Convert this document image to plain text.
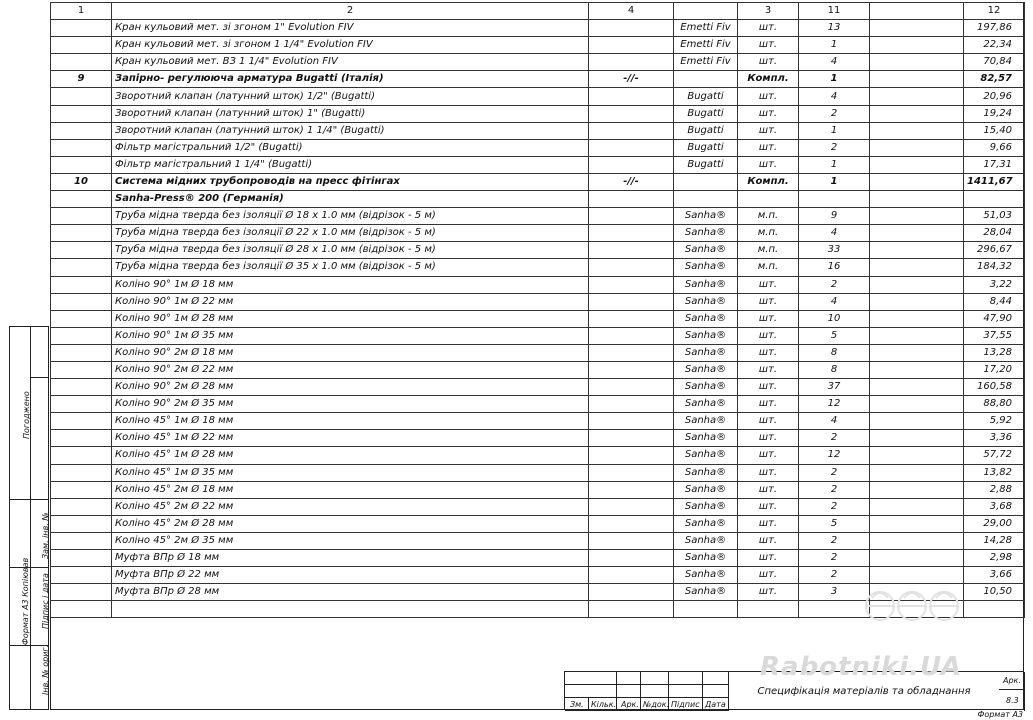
1	2	4		3	11		12
	Кран кульовий мет. зі згоном 1" Evolution FIV		Emetti Fiv	шт.	13		197,86
	Кран кульовий мет. зі згоном 1 1/4" Evolution FIV		Emetti Fiv	шт.	1		22,34
	Кран кульовий мет. ВЗ 1 1/4" Evolution FIV		Emetti Fiv	шт.	4		70,84
9	Запірно- регулююча арматура Bugatti (Італія)	-//-		Компл.	1		82,57
	Зворотний клапан (латунний шток) 1/2" (Bugatti)		Bugatti	шт.	4		20,96
	Зворотний клапан (латунний шток) 1" (Bugatti)		Bugatti	шт.	2		19,24
	Зворотний клапан (латунний шток) 1 1/4" (Bugatti)		Bugatti	шт.	1		15,40
	Фільтр магістральний 1/2" (Bugatti)		Bugatti	шт.	2		9,66
	Фільтр магістральний 1 1/4" (Bugatti)		Bugatti	шт.	1		17,31
10	Система мідних трубопроводів на пресс фітінгах	-//-		Компл.	1		1411,67
	Sanha-Press® 200 (Германія)						
	Труба мідна тверда без ізоляції Ø 18 x 1.0 мм (відрізок - 5 м)		Sanha®	м.п.	9		51,03
	Труба мідна тверда без ізоляції Ø 22 x 1.0 мм (відрізок - 5 м)		Sanha®	м.п.	4		28,04
	Труба мідна тверда без ізоляції Ø 28 x 1.0 мм (відрізок - 5 м)		Sanha®	м.п.	33		296,67
	Труба мідна тверда без ізоляції Ø 35 x 1.0 мм (відрізок - 5 м)		Sanha®	м.п.	16		184,32
	Коліно 90° 1м Ø 18 мм		Sanha®	шт.	2		3,22
	Коліно 90° 1м Ø 22 мм		Sanha®	шт.	4		8,44
	Коліно 90° 1м Ø 28 мм		Sanha®	шт.	10		47,90
	Коліно 90° 1м Ø 35 мм		Sanha®	шт.	5		37,55
	Коліно 90° 2м Ø 18 мм		Sanha®	шт.	8		13,28
	Коліно 90° 2м Ø 22 мм		Sanha®	шт.	8		17,20
	Коліно 90° 2м Ø 28 мм		Sanha®	шт.	37		160,58
	Коліно 90° 2м Ø 35 мм		Sanha®	шт.	12		88,80
	Коліно 45° 1м Ø 18 мм		Sanha®	шт.	4		5,92
	Коліно 45° 1м Ø 22 мм		Sanha®	шт.	2		3,36
	Коліно 45° 1м Ø 28 мм		Sanha®	шт.	12		57,72
	Коліно 45° 1м Ø 35 мм		Sanha®	шт.	2		13,82
	Коліно 45° 2м Ø 18 мм		Sanha®	шт.	2		2,88
	Коліно 45° 2м Ø 22 мм		Sanha®	шт.	2		3,68
	Коліно 45° 2м Ø 28 мм		Sanha®	шт.	5		29,00
	Коліно 45° 2м Ø 35 мм		Sanha®	шт.	2		14,28
	Муфта ВПр Ø 18 мм		Sanha®	шт.	2		2,98
	Муфта ВПр Ø 22 мм		Sanha®	шт.	2		3,66
	Муфта ВПр Ø 28 мм		Sanha®	шт.	3		10,50

Погоджено
Зам. інв. №
Підпис і дата
Інв. № ориг.
Формат А3 Копіював
Зм. Кільк. Арк. №док. Підпис Дата
Специфікація матеріалів та обладнання
Арк.
8.3
Rabotniki.UA
Формат А3
